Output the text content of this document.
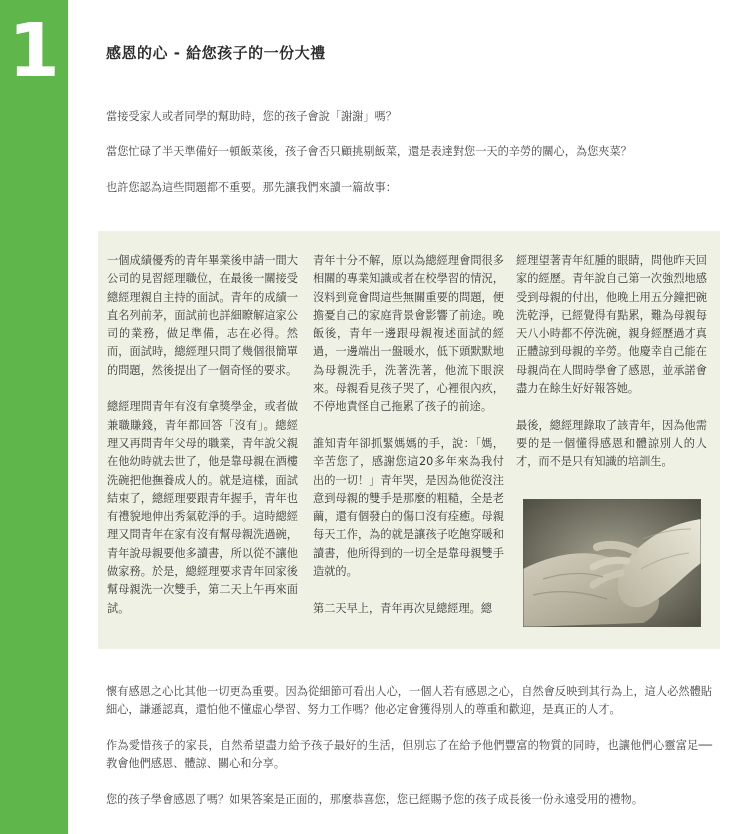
1	感恩的心 - 給您孩子的一份大禮

當接受家人或者同學的幫助時，您的孩子會說「謝謝」嗎？

當您忙碌了半天準備好一頓飯菜後，孩子會否只顧挑剔飯菜，還是表達對您一天的辛勞的關心，為您夾菜？

也許您認為這些問題都不重要。那先讓我們來讀一篇故事：

一個成績優秀的青年畢業後申請一間大公司的見習經理職位，在最後一關接受總經理親自主持的面試。青年的成績一直名列前茅，面試前也詳細瞭解這家公司的業務，做足準備，志在必得。然而，面試時，總經理只問了幾個很簡單的問題，然後提出了一個奇怪的要求。

總經理問青年有沒有拿獎學金，或者做兼職賺錢，青年都回答「沒有」。總經理又再問青年父母的職業，青年說父親在他幼時就去世了，他是靠母親在酒樓洗碗把他撫養成人的。就是這樣，面試結束了，總經理要跟青年握手，青年也有禮貌地伸出秀氣乾淨的手。這時總經理又問青年在家有沒有幫母親洗過碗，青年說母親要他多讀書，所以從不讓他做家務。於是，總經理要求青年回家後幫母親洗一次雙手，第二天上午再來面試。

青年十分不解，原以為總經理會問很多相關的專業知識或者在校學習的情況，沒料到竟會問這些無關重要的問題，便擔憂自己的家庭背景會影響了前途。晚飯後，青年一邊跟母親複述面試的經過，一邊端出一盤暖水，低下頭默默地為母親洗手，洗著洗著，他流下眼淚來。母親看見孩子哭了，心裡很內疚，不停地責怪自己拖累了孩子的前途。

誰知青年卻抓緊媽媽的手，說：「媽，辛苦您了，感謝您這20多年來為我付出的一切！」青年哭，是因為他從沒注意到母親的雙手是那麼的粗糙，全是老繭，還有個發白的傷口沒有痊癒。母親每天工作，為的就是讓孩子吃飽穿暖和讀書，他所得到的一切全是靠母親雙手造就的。

第二天早上，青年再次見總經理。總

經理望著青年紅腫的眼睛，問他昨天回家的經歷。青年說自己第一次強烈地感受到母親的付出，他晚上用五分鐘把碗洗乾淨，已經覺得有點累，難為母親每天八小時都不停洗碗，親身經歷過才真正體諒到母親的辛勞。他慶幸自己能在母親尚在人間時學會了感恩，並承諾會盡力在餘生好好報答她。

最後，總經理錄取了該青年，因為他需要的是一個懂得感恩和體諒別人的人才，而不是只有知識的培訓生。

懷有感恩之心比其他一切更為重要。因為從細節可看出人心，一個人若有感恩之心，自然會反映到其行為上，這人必然體貼細心，謙遜認真，還怕他不懂虛心學習、努力工作嗎？他必定會獲得別人的尊重和歡迎，是真正的人才。

作為愛惜孩子的家長，自然希望盡力給予孩子最好的生活，但別忘了在給予他們豐富的物質的同時，也讓他們心靈富足──教會他們感恩、體諒、關心和分享。

您的孩子學會感恩了嗎？如果答案是正面的，那麼恭喜您，您已經賜予您的孩子成長後一份永遠受用的禮物。
